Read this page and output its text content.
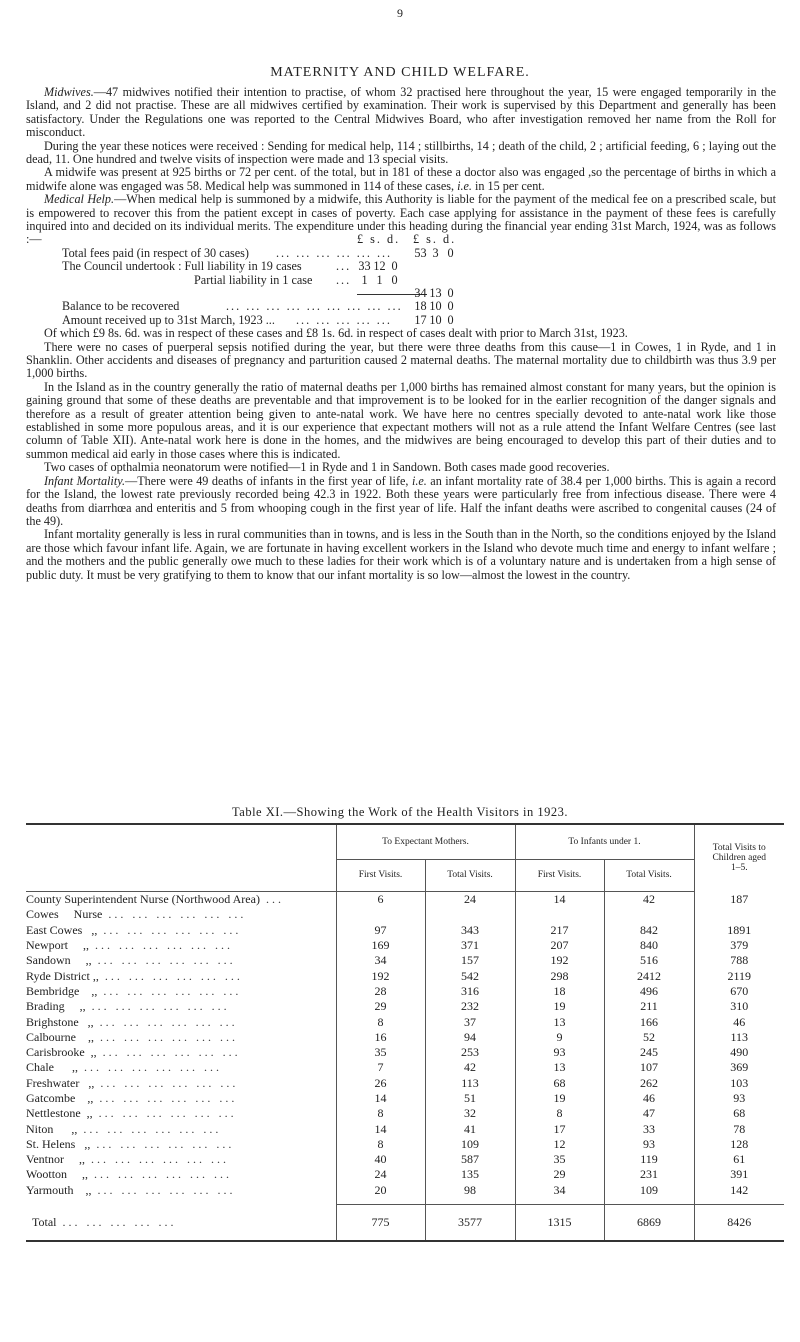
9
MATERNITY AND CHILD WELFARE.

Midwives.—47 midwives notified their intention to practise, of whom 32 practised here throughout the year, 15 were engaged temporarily in the Island, and 2 did not practise. These are all midwives certified by examination. Their work is supervised by this Department and generally has been satisfactory. Under the Regulations one was reported to the Central Midwives Board, who after investigation removed her name from the Roll for misconduct.

During the year these notices were received : Sending for medical help, 114 ; stillbirths, 14 ; death of the child, 2 ; artificial feeding, 6 ; laying out the dead, 11. One hundred and twelve visits of inspection were made and 13 special visits.

A midwife was present at 925 births or 72 per cent. of the total, but in 181 of these a doctor also was engaged ,so the percentage of births in which a midwife alone was engaged was 58. Medical help was summoned in 114 of these cases, i.e. in 15 per cent.

Medical Help.—When medical help is summoned by a midwife, this Authority is liable for the payment of the medical fee on a prescribed scale, but is empowered to recover this from the patient except in cases of poverty. Each case applying for assistance in the payment of these fees is carefully inquired into and decided on its individual merits. The expenditure under this heading during the financial year ending 31st March, 1924, was as follows :—	£ s. d.	£ s. d.
Total fees paid (in respect of 30 cases) ... ... ... ... ... ... 53 3 0
The Council undertook : Full liability in 19 cases	... 33 12 0
Partial liability in 1 case ... 1 1 0
34 13 0
Balance to be recovered	... ... ... ... ... ... ... ... ... 18 10 0
Amount received up to 31st March, 1923 ... ... ... ... ... ... 17 10 0

Of which £9 8s. 6d. was in respect of these cases and £8 1s. 6d. in respect of cases dealt with prior to March 31st, 1923.

There were no cases of puerperal sepsis notified during the year, but there were three deaths from this cause—1 in Cowes, 1 in Ryde, and 1 in Shanklin. Other accidents and diseases of pregnancy and parturition caused 2 maternal deaths. The maternal mortality due to childbirth was thus 3.9 per 1,000 births.

In the Island as in the country generally the ratio of maternal deaths per 1,000 births has remained almost constant for many years, but the opinion is gaining ground that some of these deaths are preventable and that improvement is to be looked for in the earlier recognition of the danger signals and therefore as a result of greater attention being given to ante-natal work. We have here no centres specially devoted to ante-natal work like those established in some more populous areas, and it is our experience that expectant mothers will not as a rule attend the Infant Welfare Centres (see last column of Table XII). Ante-natal work here is done in the homes, and the midwives are being encouraged to develop this part of their duties and to summon medical aid early in those cases where this is indicated.

Two cases of opthalmia neonatorum were notified—1 in Ryde and 1 in Sandown. Both cases made good recoveries.

Infant Mortality.—There were 49 deaths of infants in the first year of life, i.e. an infant mortality rate of 38.4 per 1,000 births. This is again a record for the Island, the lowest rate previously recorded being 42.3 in 1922. Both these years were particularly free from infectious disease. There were 4 deaths from diarrhœa and enteritis and 5 from whooping cough in the first year of life. Half the infant deaths were ascribed to congenital causes (24 of the 49).

Infant mortality generally is less in rural communities than in towns, and is less in the South than in the North, so the conditions enjoyed by the Island are those which favour infant life. Again, we are fortunate in having excellent workers in the Island who devote much time and energy to infant welfare ; and the mothers and the public generally owe much to these ladies for their work which is of a voluntary nature and is undertaken from a high sense of public duty. It must be very gratifying to them to know that our infant mortality is so low—almost the lowest in the country.

Table XI.—Showing the Work of the Health Visitors in 1923.
	To Expectant Mothers.		To Infants under 1.		Total Visits to Children aged 1–5.
	First Visits.	Total Visits.	First Visits.	Total Visits.	
County Superintendent Nurse (Northwood Area) ...	6	24	14	42	187
Cowes     Nurse ... ... ... ... ... ...					
East Cowes   ,, ... ... ... ... ... ...	97	343	217	842	1891
Newport     ,, ... ... ... ... ... ...	169	371	207	840	379
Sandown     ,, ... ... ... ... ... ...	34	157	192	516	788
Ryde District ,, ... ... ... ... ... ...	192	542	298	2412	2119
Bembridge    ,, ... ... ... ... ... ...	28	316	18	496	670
Brading     ,, ... ... ... ... ... ...	29	232	19	211	310
Brighstone   ,, ... ... ... ... ... ...	8	37	13	166	46
Calbourne    ,, ... ... ... ... ... ...	16	94	9	52	113
Carisbrooke  ,, ... ... ... ... ... ...	35	253	93	245	490
Chale      ,, ... ... ... ... ... ...	7	42	13	107	369
Freshwater   ,, ... ... ... ... ... ...	26	113	68	262	103
Gatcombe    ,, ... ... ... ... ... ...	14	51	19	46	93
Nettlestone  ,, ... ... ... ... ... ...	8	32	8	47	68
Niton      ,, ... ... ... ... ... ...	14	41	17	33	78
St. Helens   ,, ... ... ... ... ... ...	8	109	12	93	128
Ventnor     ,, ... ... ... ... ... ...	40	587	35	119	61
Wootton     ,, ... ... ... ... ... ...	24	135	29	231	391
Yarmouth    ,, ... ... ... ... ... ...	20	98	34	109	142

Total ... ... ... ... ...	775	3577	1315	6869	8426
